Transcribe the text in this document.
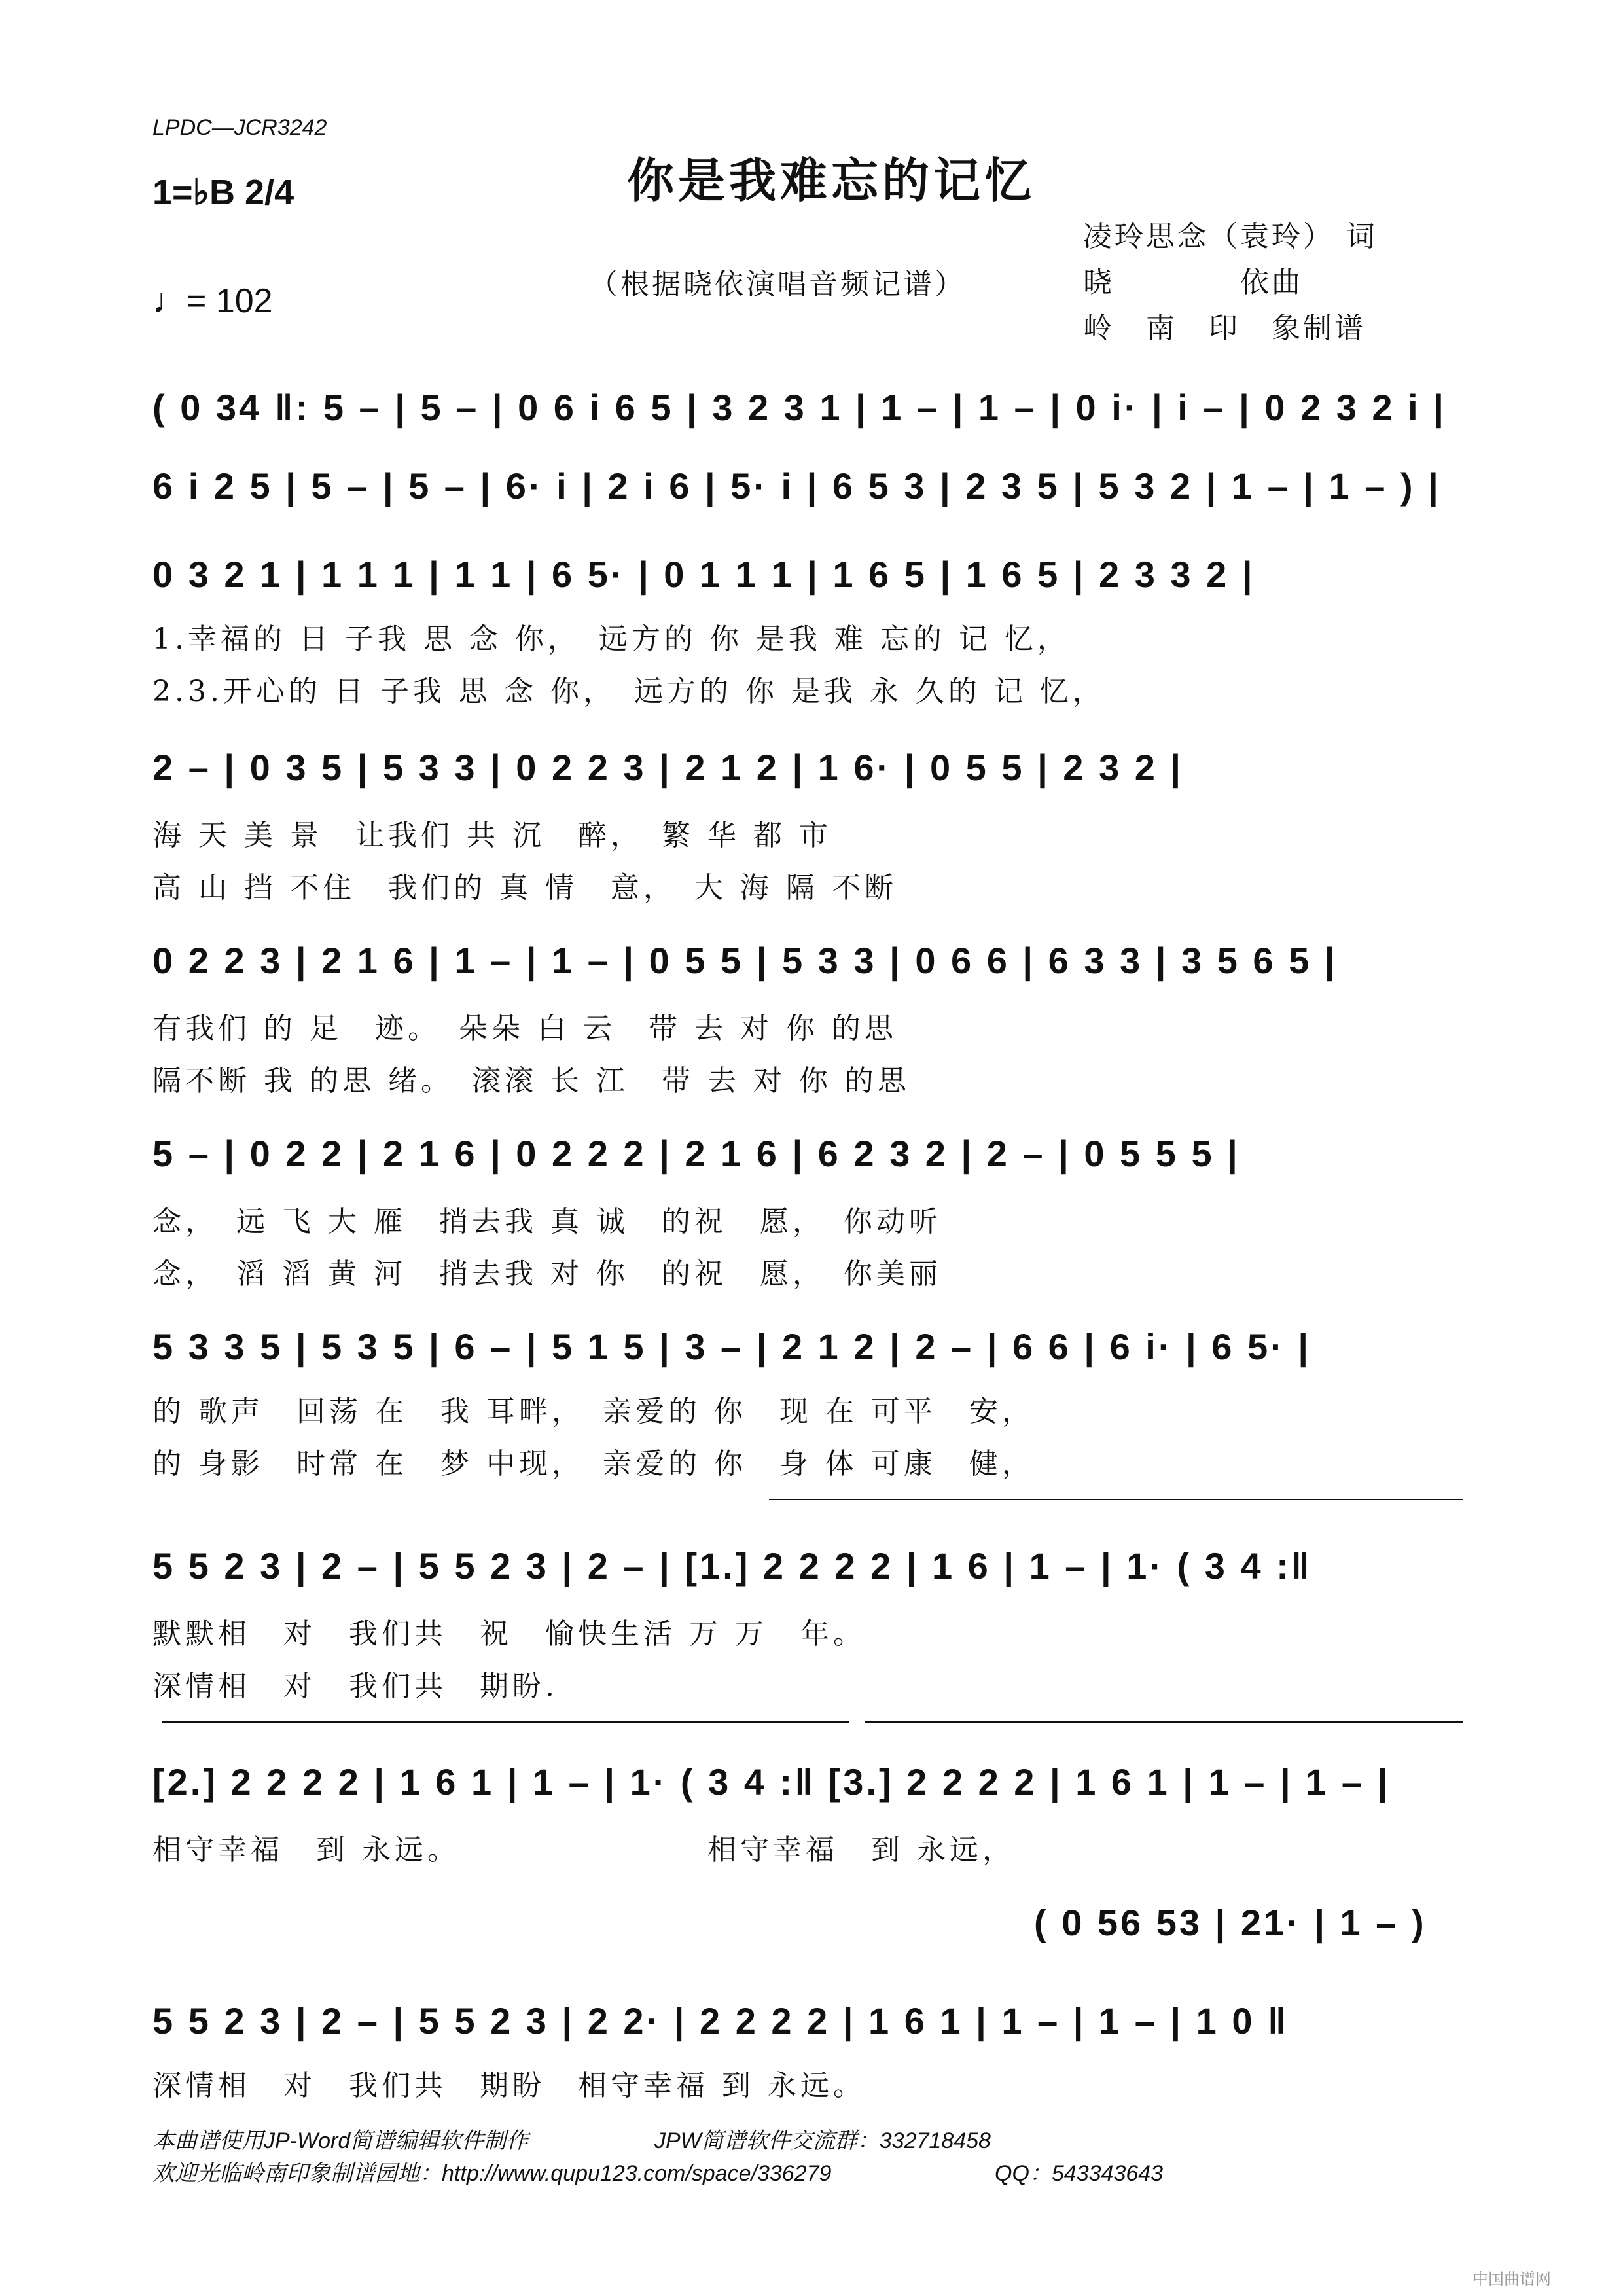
LPDC—JCR3242
你是我难忘的记忆
1=♭B 2/4
♩= 102	（根据晓依演唱音频记谱）
凌玲思念（袁玲） 词
晓　　　　依曲
岭　南　印　象制谱
( 0 34 ‖: 5 – | 5 – | 0 6 i 6 5 | 3 2 3 1 | 1 – | 1 – | 0 i· | i – | 0 2 3 2 i |
6 i 2 5 | 5 – | 5 – | 6· i | 2 i 6 | 5· i | 6 5 3 | 2 3 5 | 5 3 2 | 1 – | 1 – ) |
0 3 2 1 | 1 1 1 | 1 1 | 6 5· | 0 1 1 1 | 1 6 5 | 1 6 5 | 2 3 3 2 |
1.幸福的 日 子我 思 念 你，　远方的 你 是我 难 忘的 记 忆，
2.3.开心的 日 子我 思 念 你，　远方的 你 是我 永 久的 记 忆，
2 – | 0 3 5 | 5 3 3 | 0 2 2 3 | 2 1 2 | 1 6· | 0 5 5 | 2 3 2 |
海 天 美 景　让我们 共 沉　醉，　繁 华 都 市
高 山 挡 不住　我们的 真 情　意，　大 海 隔 不断
0 2 2 3 | 2 1 6 | 1 – | 1 – | 0 5 5 | 5 3 3 | 0 6 6 | 6 3 3 | 3 5 6 5 |
有我们 的 足　迹。　朵朵 白 云　带 去 对 你 的思
隔不断 我 的思 绪。　滚滚 长 江　带 去 对 你 的思
5 – | 0 2 2 | 2 1 6 | 0 2 2 2 | 2 1 6 | 6 2 3 2 | 2 – | 0 5 5 5 |
念，　远 飞 大 雁　捎去我 真 诚　的祝　愿，　你动听
念，　滔 滔 黄 河　捎去我 对 你　的祝　愿，　你美丽
5 3 3 5 | 5 3 5 | 6 – | 5 1 5 | 3 – | 2 1 2 | 2 – | 6 6 | 6 i· | 6 5· |
的 歌声　回荡 在　我 耳畔，　亲爱的 你　现 在 可平　安，
的 身影　时常 在　梦 中现，　亲爱的 你　身 体 可康　健，
5 5 2 3 | 2 – | 5 5 2 3 | 2 – | [1.] 2 2 2 2 | 1 6 | 1 – | 1· ( 3 4 :‖
默默相　对　我们共　祝　愉快生活 万 万　年。
深情相　对　我们共　期盼.
[2.] 2 2 2 2 | 1 6 1 | 1 – | 1· ( 3 4 :‖ [3.] 2 2 2 2 | 1 6 1 | 1 – | 1 – |
相守幸福　到 永远。　　　　　　　　相守幸福　到 永远，
( 0 56 53 | 21· | 1 – )
5 5 2 3 | 2 – | 5 5 2 3 | 2 2· | 2 2 2 2 | 1 6 1 | 1 – | 1 – | 1 0 ‖
深情相　对　我们共　期盼　相守幸福 到 永远。
本曲谱使用JP-Word简谱编辑软件制作	JPW简谱软件交流群：332718458
欢迎光临岭南印象制谱园地：http://www.qupu123.com/space/336279	QQ：543343643
中国曲谱网
